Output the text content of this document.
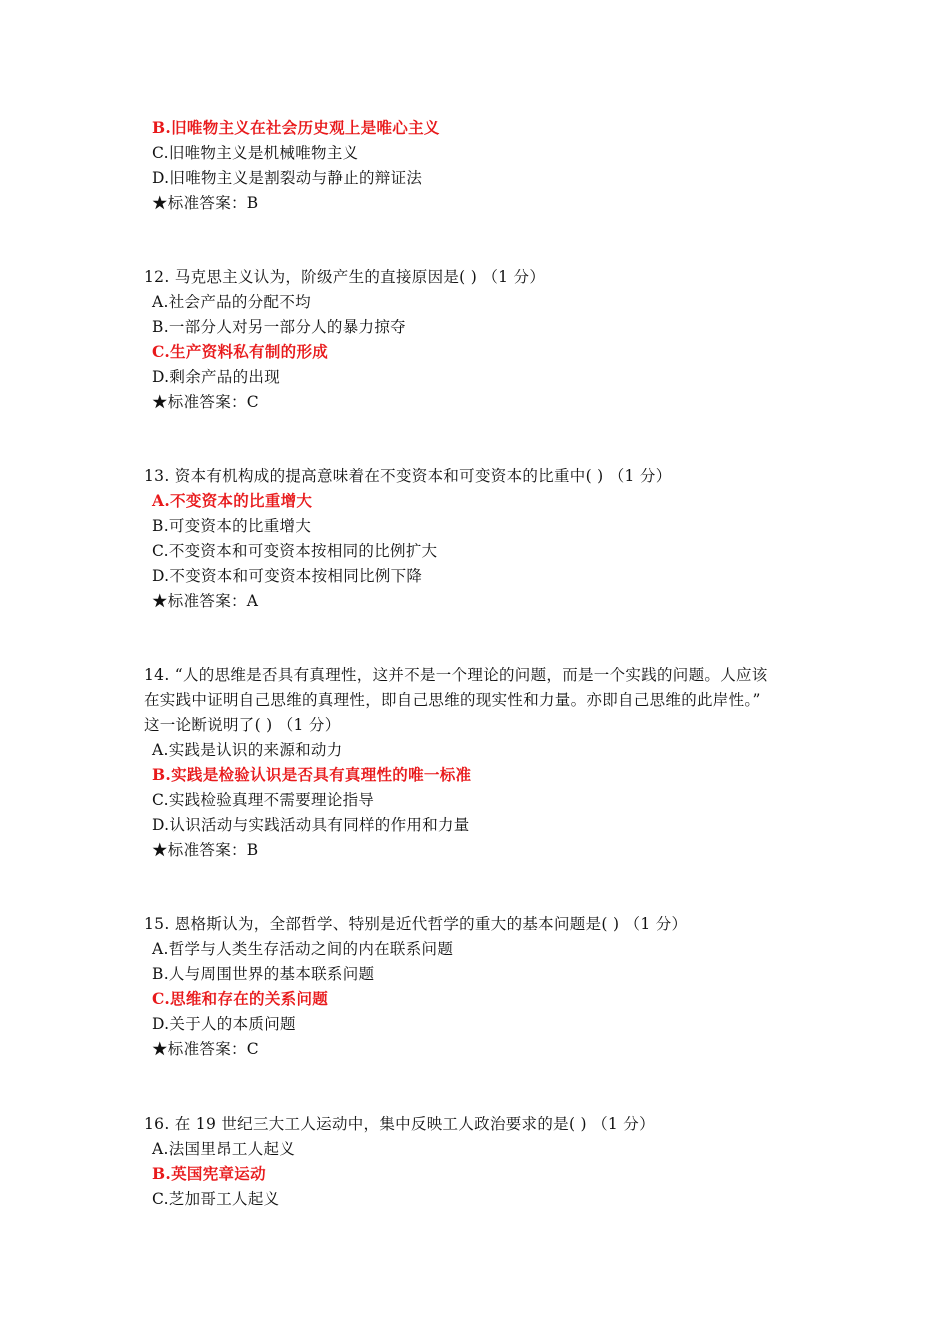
B.旧唯物主义在社会历史观上是唯心主义
C.旧唯物主义是机械唯物主义
D.旧唯物主义是割裂动与静止的辩证法
★标准答案：B
12. 马克思主义认为，阶级产生的直接原因是( ) （1 分）
A.社会产品的分配不均
B.一部分人对另一部分人的暴力掠夺
C.生产资料私有制的形成
D.剩余产品的出现
★标准答案：C
13. 资本有机构成的提高意味着在不变资本和可变资本的比重中( ) （1 分）
A.不变资本的比重增大
B.可变资本的比重增大
C.不变资本和可变资本按相同的比例扩大
D.不变资本和可变资本按相同比例下降
★标准答案：A
14. “人的思维是否具有真理性，这并不是一个理论的问题，而是一个实践的问题。人应该
在实践中证明自己思维的真理性，即自己思维的现实性和力量。亦即自己思维的此岸性。”
这一论断说明了( ) （1 分）
A.实践是认识的来源和动力
B.实践是检验认识是否具有真理性的唯一标准
C.实践检验真理不需要理论指导
D.认识活动与实践活动具有同样的作用和力量
★标准答案：B
15. 恩格斯认为，全部哲学、特别是近代哲学的重大的基本问题是( ) （1 分）
A.哲学与人类生存活动之间的内在联系问题
B.人与周围世界的基本联系问题
C.思维和存在的关系问题
D.关于人的本质问题
★标准答案：C
16. 在 19 世纪三大工人运动中，集中反映工人政治要求的是( ) （1 分）
A.法国里昂工人起义
B.英国宪章运动
C.芝加哥工人起义
